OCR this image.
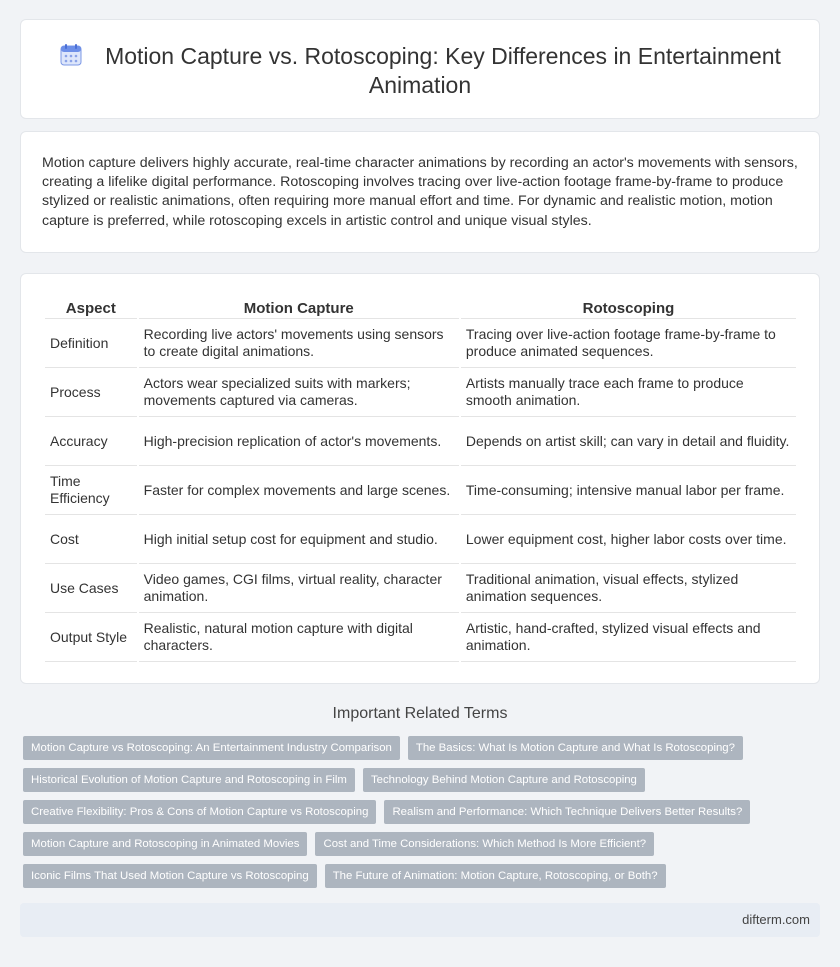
Motion Capture vs. Rotoscoping: Key Differences in Entertainment Animation

Motion capture delivers highly accurate, real-time character animations by recording an actor's movements with sensors, creating a lifelike digital performance. Rotoscoping involves tracing over live-action footage frame-by-frame to produce stylized or realistic animations, often requiring more manual effort and time. For dynamic and realistic motion, motion capture is preferred, while rotoscoping excels in artistic control and unique visual styles.

Aspect	Motion Capture	Rotoscoping
Definition	Recording live actors' movements using sensors to create digital animations.	Tracing over live-action footage frame-by-frame to produce animated sequences.
Process	Actors wear specialized suits with markers; movements captured via cameras.	Artists manually trace each frame to produce smooth animation.
Accuracy	High-precision replication of actor's movements.	Depends on artist skill; can vary in detail and fluidity.
Time Efficiency	Faster for complex movements and large scenes.	Time-consuming; intensive manual labor per frame.
Cost	High initial setup cost for equipment and studio.	Lower equipment cost, higher labor costs over time.
Use Cases	Video games, CGI films, virtual reality, character animation.	Traditional animation, visual effects, stylized animation sequences.
Output Style	Realistic, natural motion capture with digital characters.	Artistic, hand-crafted, stylized visual effects and animation.
Important Related Terms
Motion Capture vs Rotoscoping: An Entertainment Industry Comparison	The Basics: What Is Motion Capture and What Is Rotoscoping?
Historical Evolution of Motion Capture and Rotoscoping in Film	Technology Behind Motion Capture and Rotoscoping
Creative Flexibility: Pros & Cons of Motion Capture vs Rotoscoping	Realism and Performance: Which Technique Delivers Better Results?
Motion Capture and Rotoscoping in Animated Movies	Cost and Time Considerations: Which Method Is More Efficient?
Iconic Films That Used Motion Capture vs Rotoscoping	The Future of Animation: Motion Capture, Rotoscoping, or Both?
difterm.com
